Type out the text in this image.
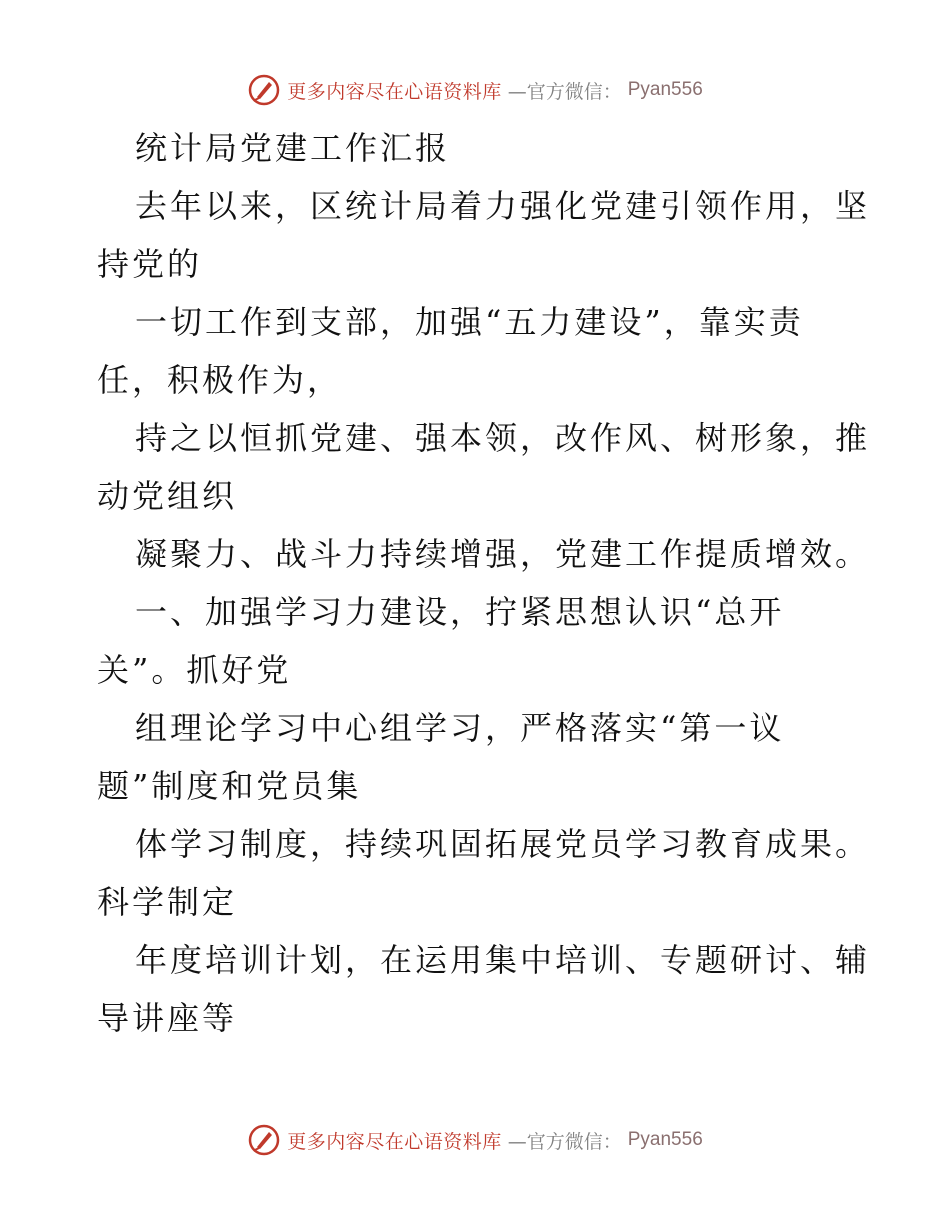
更多内容尽在心语资料库 —官方微信： Pyan556
统计局党建工作汇报
去年以来，区统计局着力强化党建引领作用，坚
持党的
一切工作到支部，加强“五力建设”，靠实责
任，积极作为，
持之以恒抓党建、强本领，改作风、树形象，推
动党组织
凝聚力、战斗力持续增强，党建工作提质增效。
一、加强学习力建设，拧紧思想认识“总开
关”。抓好党
组理论学习中心组学习，严格落实“第一议
题”制度和党员集
体学习制度，持续巩固拓展党员学习教育成果。
科学制定
年度培训计划，在运用集中培训、专题研讨、辅
导讲座等
更多内容尽在心语资料库 —官方微信： Pyan556
